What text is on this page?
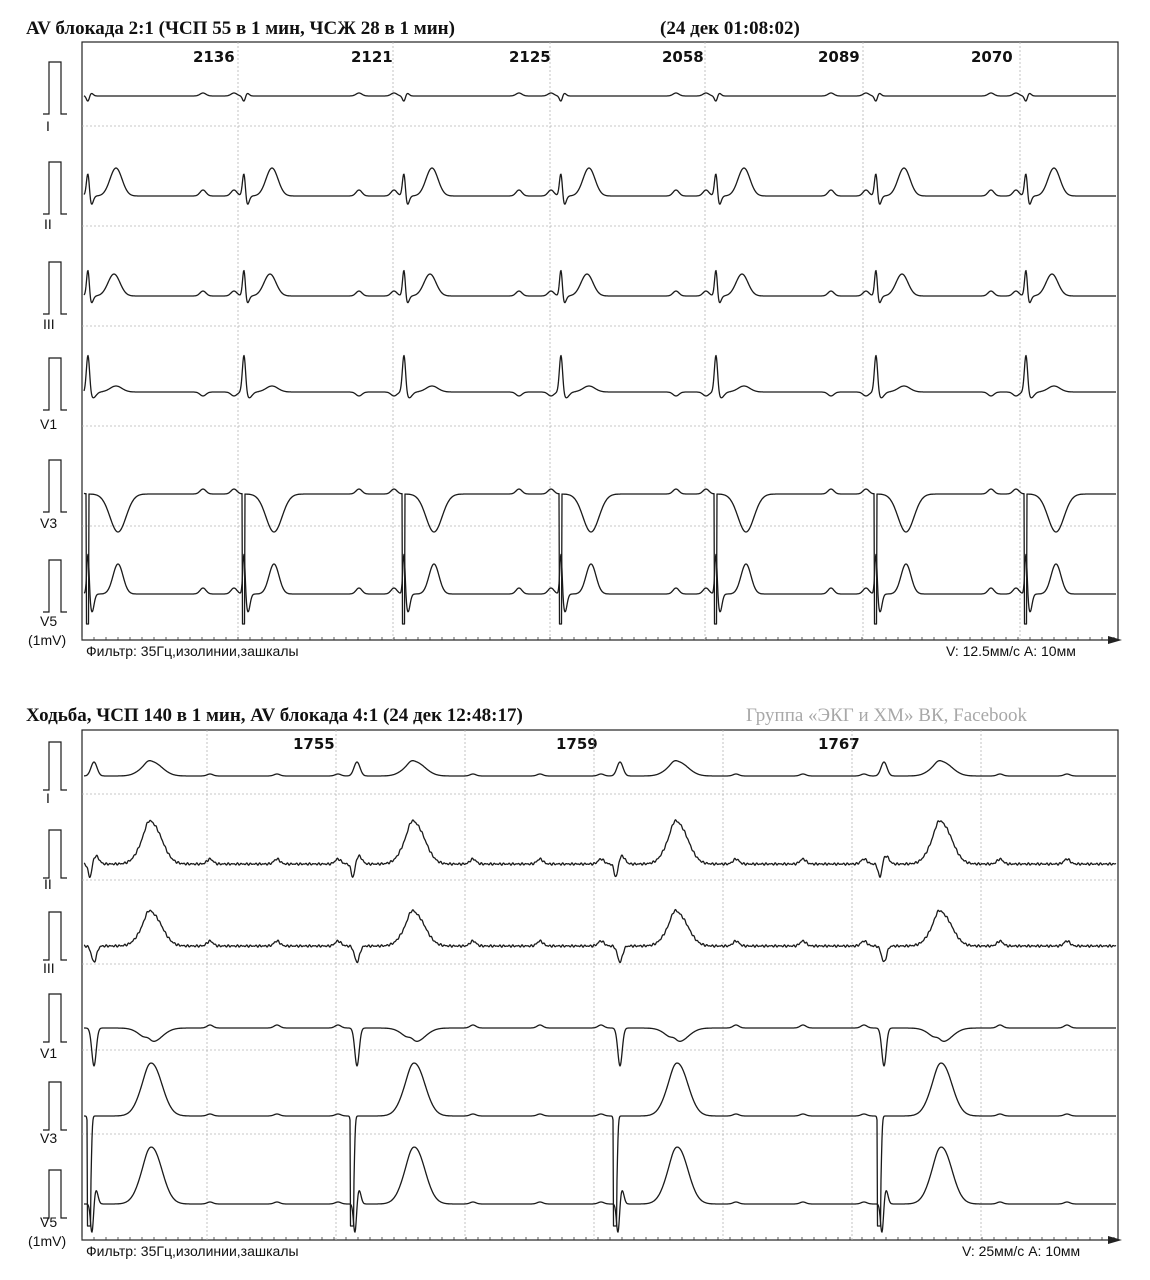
AV блокада 2:1 (ЧСП 55 в 1 мин, ЧСЖ 28 в 1 мин)	(24 дек 01:08:02)
2136	2121	2125	2058	2089	2070
I
II
III
V1
V3
V5
(1mV)
Фильтр: 35Гц,изолинии,зашкалы	V: 12.5мм/с A: 10мм
Ходьба, ЧСП 140 в 1 мин, AV блокада 4:1 (24 дек 12:48:17)	Группа «ЭКГ и ХМ» ВК, Facebook
1755	1759	1767
I
II
III
V1
V3
V5
(1mV)
Фильтр: 35Гц,изолинии,зашкалы	V: 25мм/с A: 10мм
